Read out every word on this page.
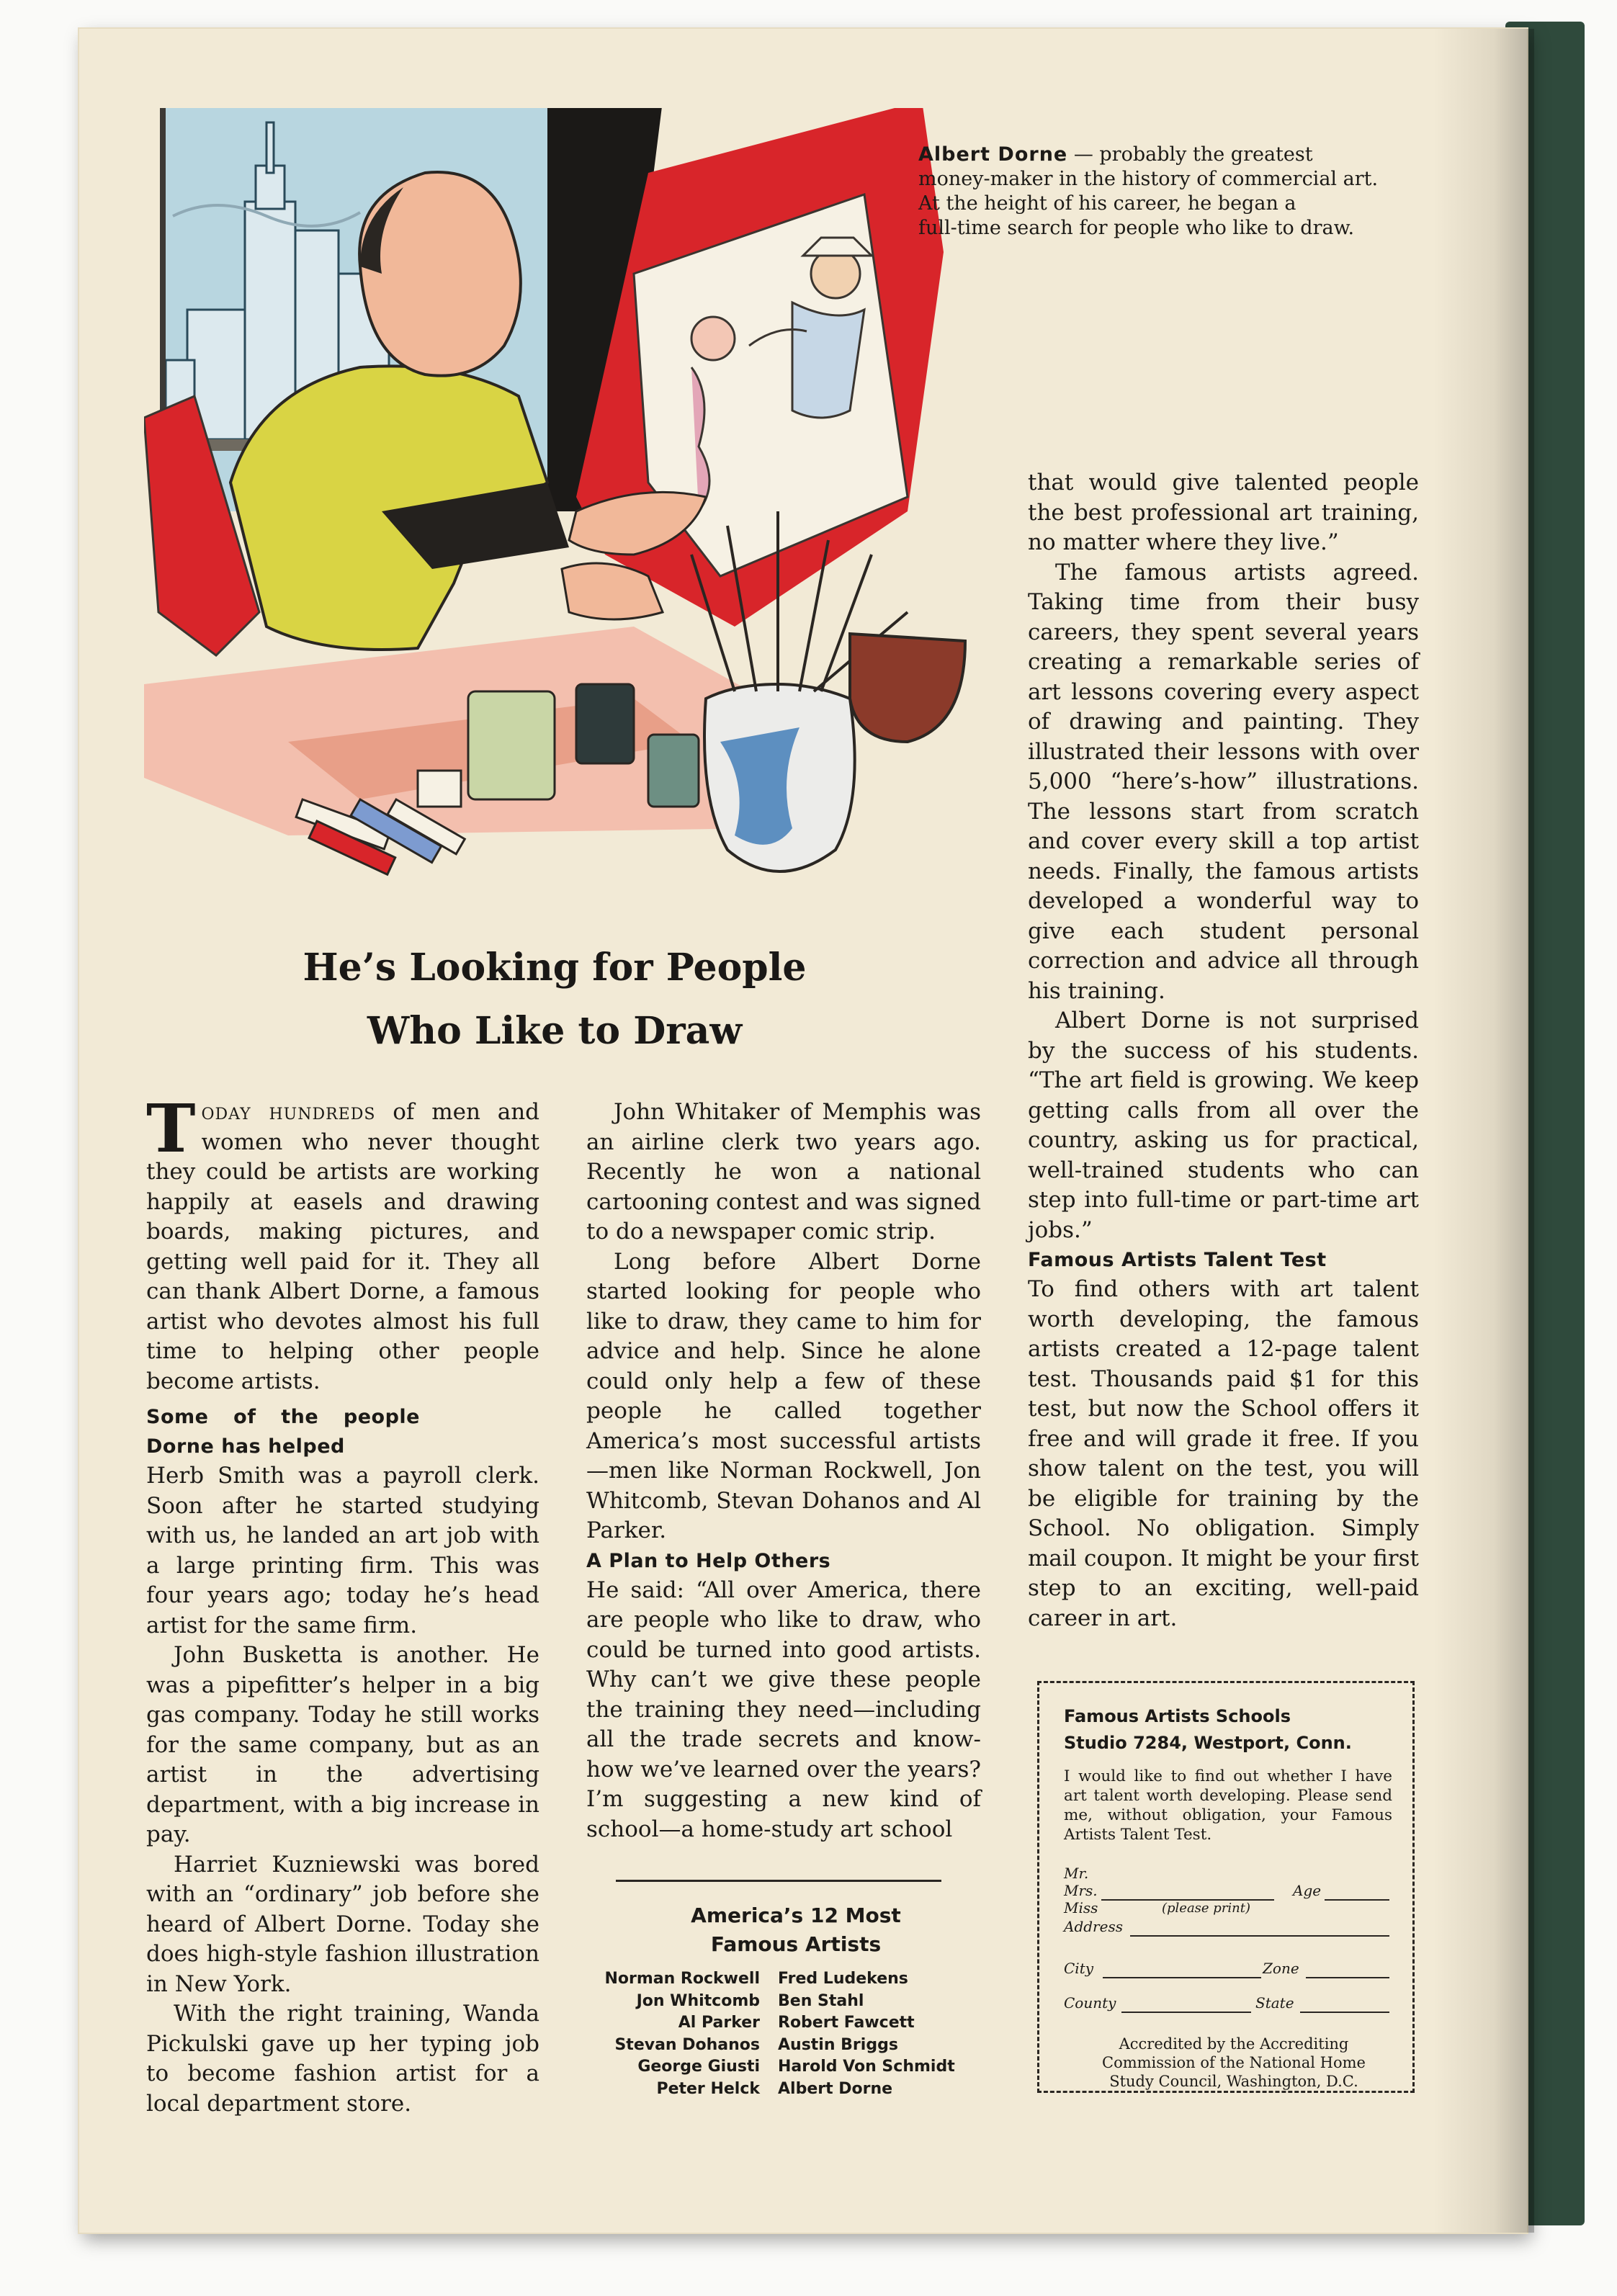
Albert Dorne — probably the greatest
money-maker in the history of commercial art.
At the height of his career, he began a
full-time search for people who like to draw.
He’s Looking for People
Who Like to Draw

Today hundreds of men and women who never thought they could be artists are working happily at easels and drawing boards, making pictures, and getting well paid for it. They all can thank Albert Dorne, a famous artist who devotes almost his full time to helping other people become artists.

Some of the people Dorne has helped

Herb Smith was a payroll clerk. Soon after he started studying with us, he landed an art job with a large printing firm. This was four years ago; today he’s head artist for the same firm.

John Busketta is another. He was a pipefitter’s helper in a big gas company. Today he still works for the same company, but as an artist in the advertising department, with a big increase in pay.

Harriet Kuzniewski was bored with an “ordinary” job before she heard of Albert Dorne. Today she does high-style fashion illustration in New York.

With the right training, Wanda Pickulski gave up her typing job to become fashion artist for a local department store.

John Whitaker of Memphis was an airline clerk two years ago. Recently he won a national cartooning contest and was signed to do a newspaper comic strip.

Long before Albert Dorne started looking for people who like to draw, they came to him for advice and help. Since he alone could only help a few of these people he called together America’s most successful artists —men like Norman Rockwell, Jon Whitcomb, Stevan Dohanos and Al Parker.

A Plan to Help Others

He said: “All over America, there are people who like to draw, who could be turned into good artists. Why can’t we give these people the training they need—including all the trade secrets and know-how we’ve learned over the years? I’m suggesting a new kind of school—a home-study art school

America’s 12 Most
Famous Artists
Norman Rockwell	Fred Ludekens
Jon Whitcomb	Ben Stahl
Al Parker	Robert Fawcett
Stevan Dohanos	Austin Briggs
George Giusti	Harold Von Schmidt
Peter Helck	Albert Dorne

that would give talented people the best professional art training, no matter where they live.”

The famous artists agreed. Taking time from their busy careers, they spent several years creating a remarkable series of art lessons covering every aspect of drawing and painting. They illustrated their lessons with over 5,000 “here’s-how” illustrations. The lessons start from scratch and cover every skill a top artist needs. Finally, the famous artists developed a wonderful way to give each student personal correction and advice all through his training.

Albert Dorne is not surprised by the success of his students. “The art field is growing. We keep getting calls from all over the country, asking us for practical, well-trained students who can step into full-time or part-time art jobs.”

Famous Artists Talent Test

To find others with art talent worth developing, the famous artists created a 12-page talent test. Thousands paid $1 for this test, but now the School offers it free and will grade it free. If you show talent on the test, you will be eligible for training by the School. No obligation. Simply mail coupon. It might be your first step to an exciting, well-paid career in art.

Famous Artists Schools
Studio 7284, Westport, Conn.
I would like to find out whether I have art talent worth developing. Please send me, without obligation, your Famous Artists Talent Test.
Mr.
Mrs.	Age
Miss	(please print)
Address
City	Zone
County	State
Accredited by the Accrediting Commission of the National Home Study Council, Washington, D.C.
